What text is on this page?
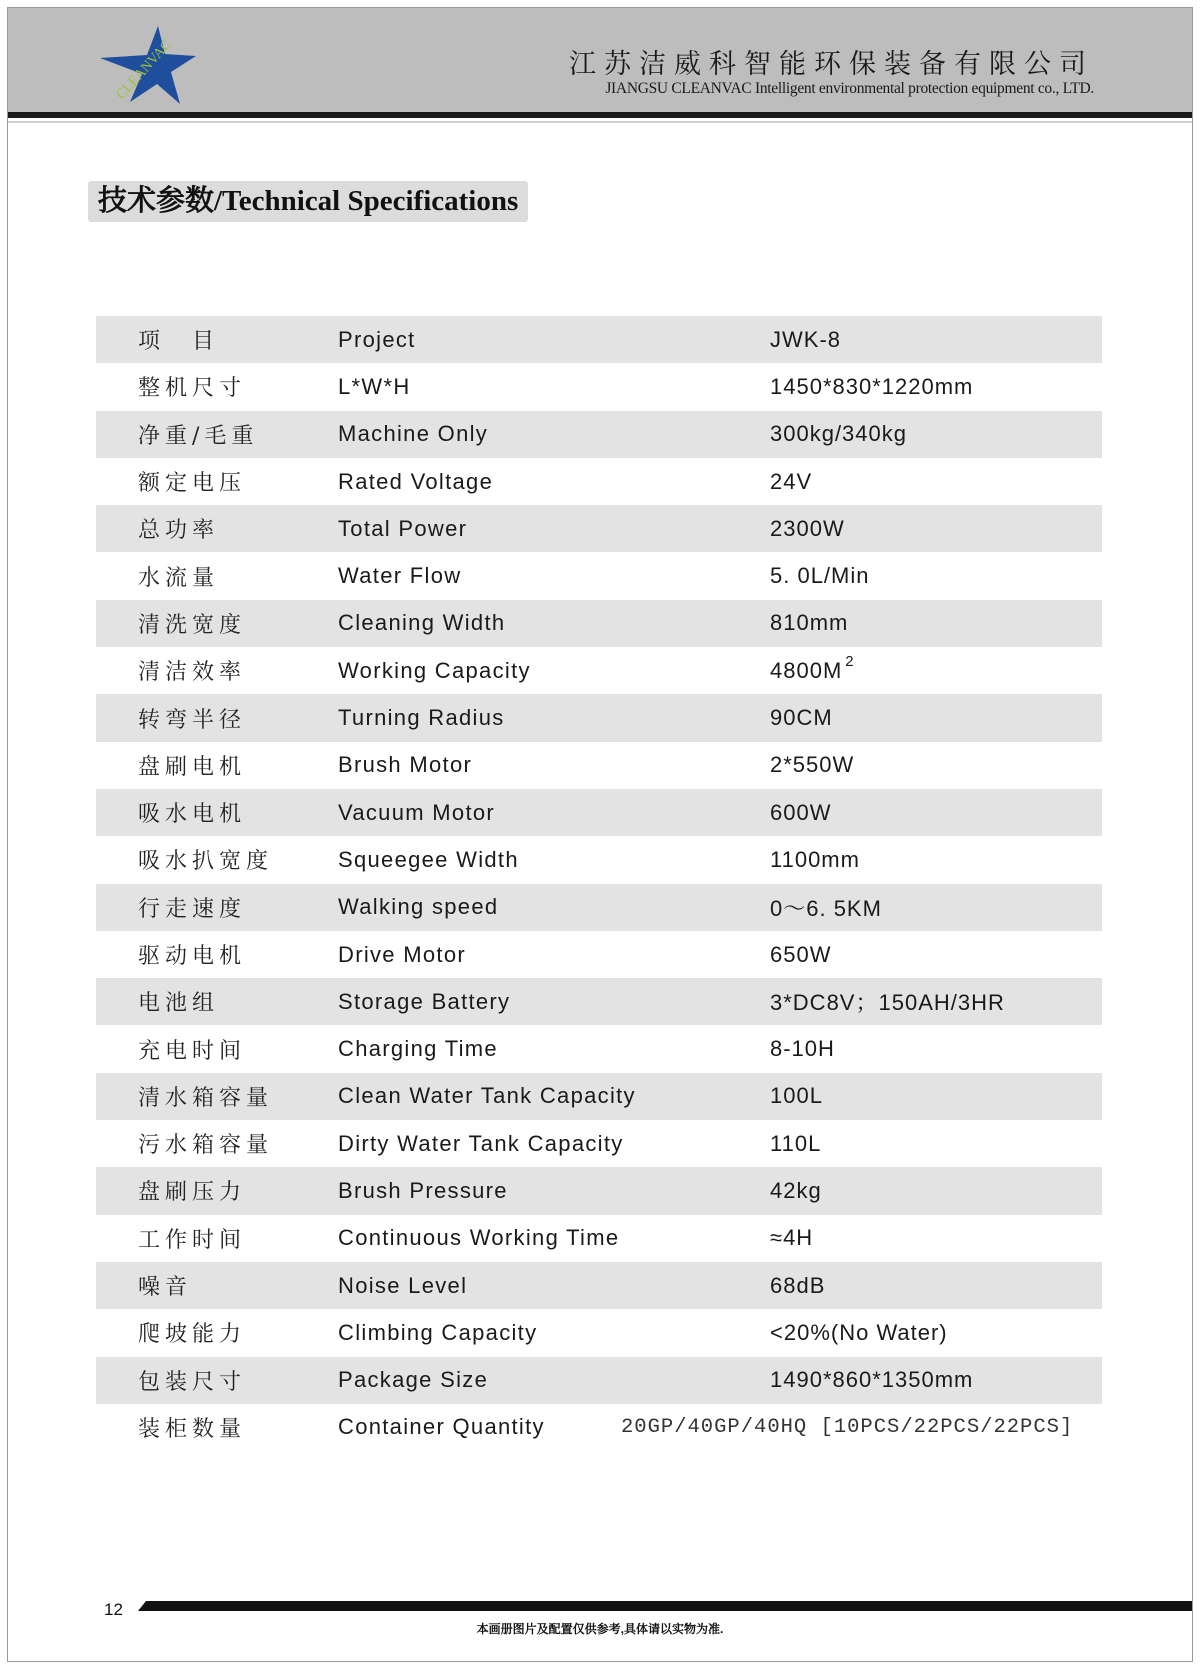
CLEANVAC	江苏洁威科智能环保装备有限公司
JIANGSU CLEANVAC Intelligent environmental protection equipment co., LTD.
技术参数/Technical Specifications
项　目	Project	JWK-8
整机尺寸	L*W*H	1450*830*1220mm
净重/毛重	Machine Only	300kg/340kg
额定电压	Rated Voltage	24V
总功率	Total Power	2300W
水流量	Water Flow	5. 0L/Min
清洗宽度	Cleaning Width	810mm
清洁效率	Working Capacity	$4800M^2$
转弯半径	Turning Radius	90CM
盘刷电机	Brush Motor	2*550W
吸水电机	Vacuum Motor	600W
吸水扒宽度	Squeegee Width	1100mm
行走速度	Walking speed	0～6. 5KM
驱动电机	Drive Motor	650W
电池组	Storage Battery	3*DC8V；150AH/3HR
充电时间	Charging Time	8-10H
清水箱容量	Clean Water Tank Capacity	100L
污水箱容量	Dirty Water Tank Capacity	110L
盘刷压力	Brush Pressure	42kg
工作时间	Continuous Working Time	≈4H
噪音	Noise Level	68dB
爬坡能力	Climbing Capacity	<20%(No Water)
包装尺寸	Package Size	1490*860*1350mm
装柜数量	Container Quantity	20GP/40GP/40HQ [10PCS/22PCS/22PCS]
12
本画册图片及配置仅供参考,具体请以实物为准.
